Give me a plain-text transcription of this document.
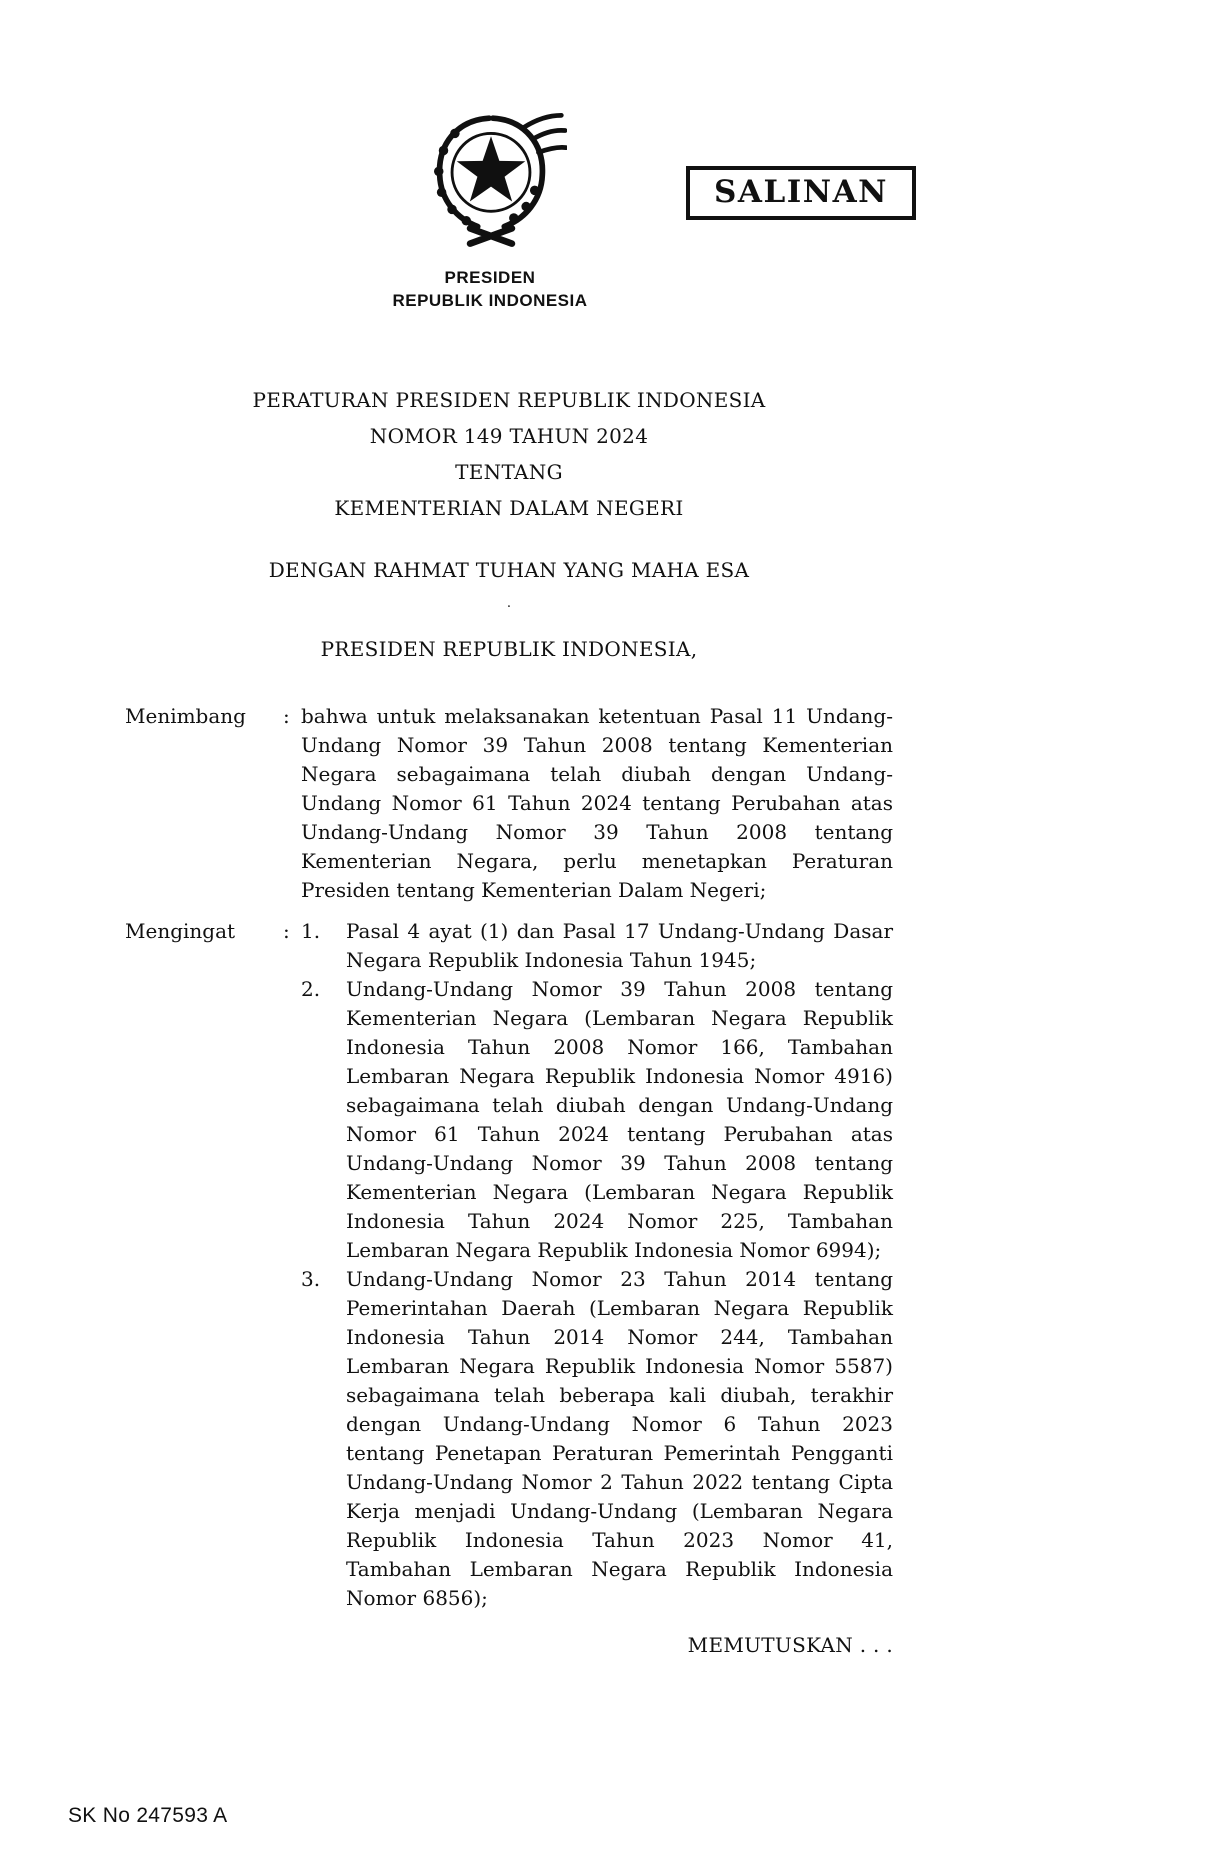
SALINAN
PRESIDEN
REPUBLIK INDONESIA
PERATURAN PRESIDEN REPUBLIK INDONESIA
NOMOR 149 TAHUN 2024
TENTANG
KEMENTERIAN DALAM NEGERI
DENGAN RAHMAT TUHAN YANG MAHA ESA
.
PRESIDEN REPUBLIK INDONESIA,
Menimbang	: bahwa untuk melaksanakan ketentuan Pasal 11 Undang-Undang Nomor 39 Tahun 2008 tentang Kementerian Negara sebagaimana telah diubah dengan Undang-Undang Nomor 61 Tahun 2024 tentang Perubahan atas Undang-Undang Nomor 39 Tahun 2008 tentang Kementerian Negara, perlu menetapkan Peraturan Presiden tentang Kementerian Dalam Negeri;
Mengingat	: 1.	Pasal 4 ayat (1) dan Pasal 17 Undang-Undang Dasar Negara Republik Indonesia Tahun 1945;
2.	Undang-Undang Nomor 39 Tahun 2008 tentang Kementerian Negara (Lembaran Negara Republik Indonesia Tahun 2008 Nomor 166, Tambahan Lembaran Negara Republik Indonesia Nomor 4916) sebagaimana telah diubah dengan Undang-Undang Nomor 61 Tahun 2024 tentang Perubahan atas Undang-Undang Nomor 39 Tahun 2008 tentang Kementerian Negara (Lembaran Negara Republik Indonesia Tahun 2024 Nomor 225, Tambahan Lembaran Negara Republik Indonesia Nomor 6994);
3.	Undang-Undang Nomor 23 Tahun 2014 tentang Pemerintahan Daerah (Lembaran Negara Republik Indonesia Tahun 2014 Nomor 244, Tambahan Lembaran Negara Republik Indonesia Nomor 5587) sebagaimana telah beberapa kali diubah, terakhir dengan Undang-Undang Nomor 6 Tahun 2023 tentang Penetapan Peraturan Pemerintah Pengganti Undang-Undang Nomor 2 Tahun 2022 tentang Cipta Kerja menjadi Undang-Undang (Lembaran Negara Republik Indonesia Tahun 2023 Nomor 41, Tambahan Lembaran Negara Republik Indonesia Nomor 6856);
MEMUTUSKAN . . .
SK No 247593 A
